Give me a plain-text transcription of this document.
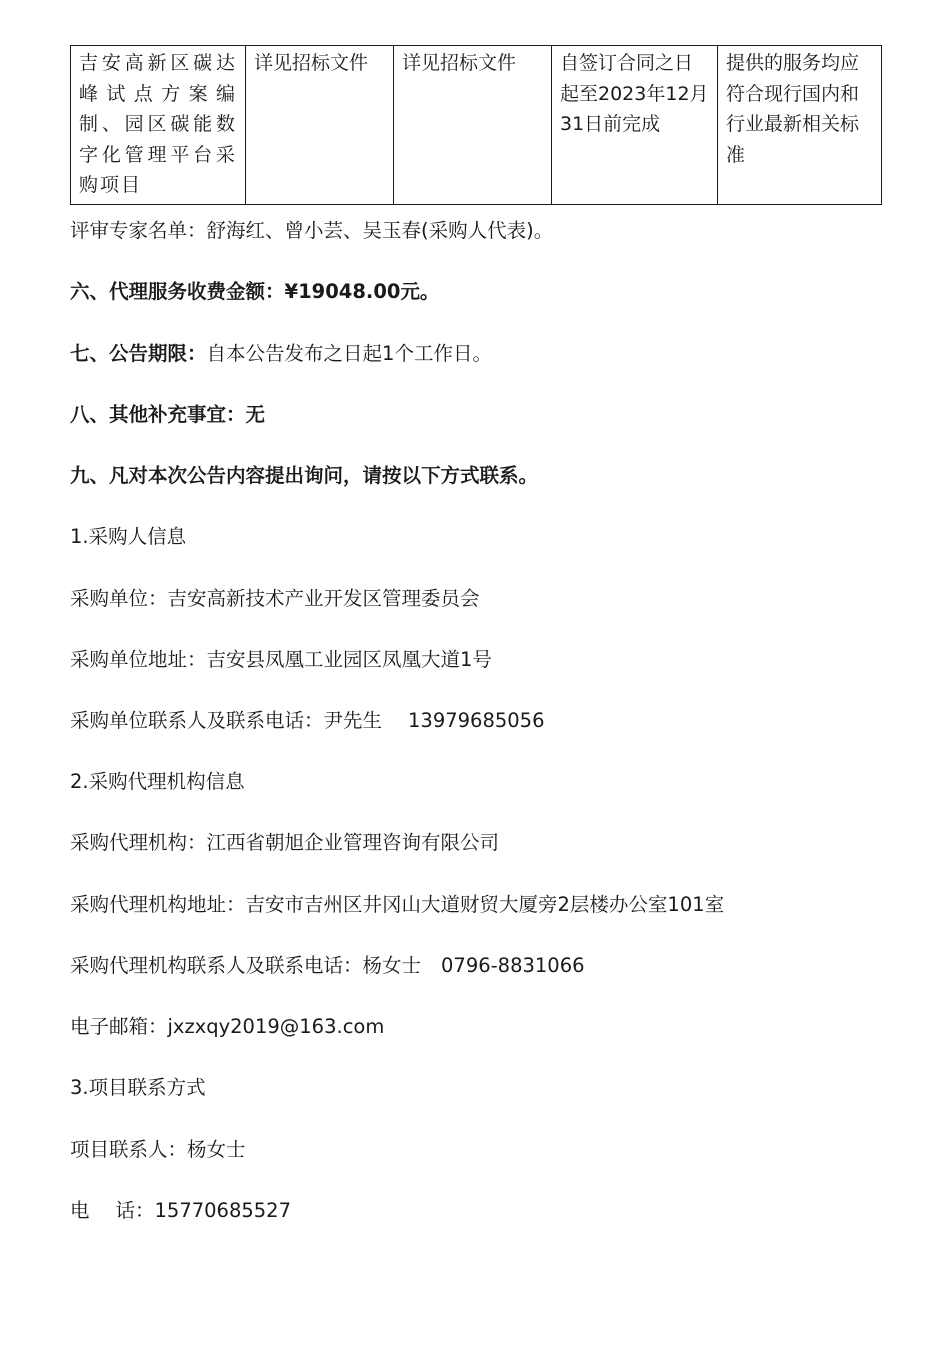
吉安高新区碳达峰试点方案编制、园区碳能数字化管理平台采购项目	详见招标文件	详见招标文件	自签订合同之日起至2023年12月31日前完成	提供的服务均应符合现行国内和行业最新相关标准
评审专家名单：舒海红、曾小芸、吴玉春(采购人代表)。
六、代理服务收费金额：¥19048.00元。
七、公告期限：自本公告发布之日起1个工作日。
八、其他补充事宜：无
九、凡对本次公告内容提出询问，请按以下方式联系。
1.采购人信息
采购单位：吉安高新技术产业开发区管理委员会
采购单位地址：吉安县凤凰工业园区凤凰大道1号
采购单位联系人及联系电话：尹先生 13979685056
2.采购代理机构信息
采购代理机构：江西省朝旭企业管理咨询有限公司
采购代理机构地址：吉安市吉州区井冈山大道财贸大厦旁2层楼办公室101室
采购代理机构联系人及联系电话：杨女士 0796-8831066
电子邮箱：jxzxqy2019@163.com
3.项目联系方式
项目联系人：杨女士
电 话：15770685527
